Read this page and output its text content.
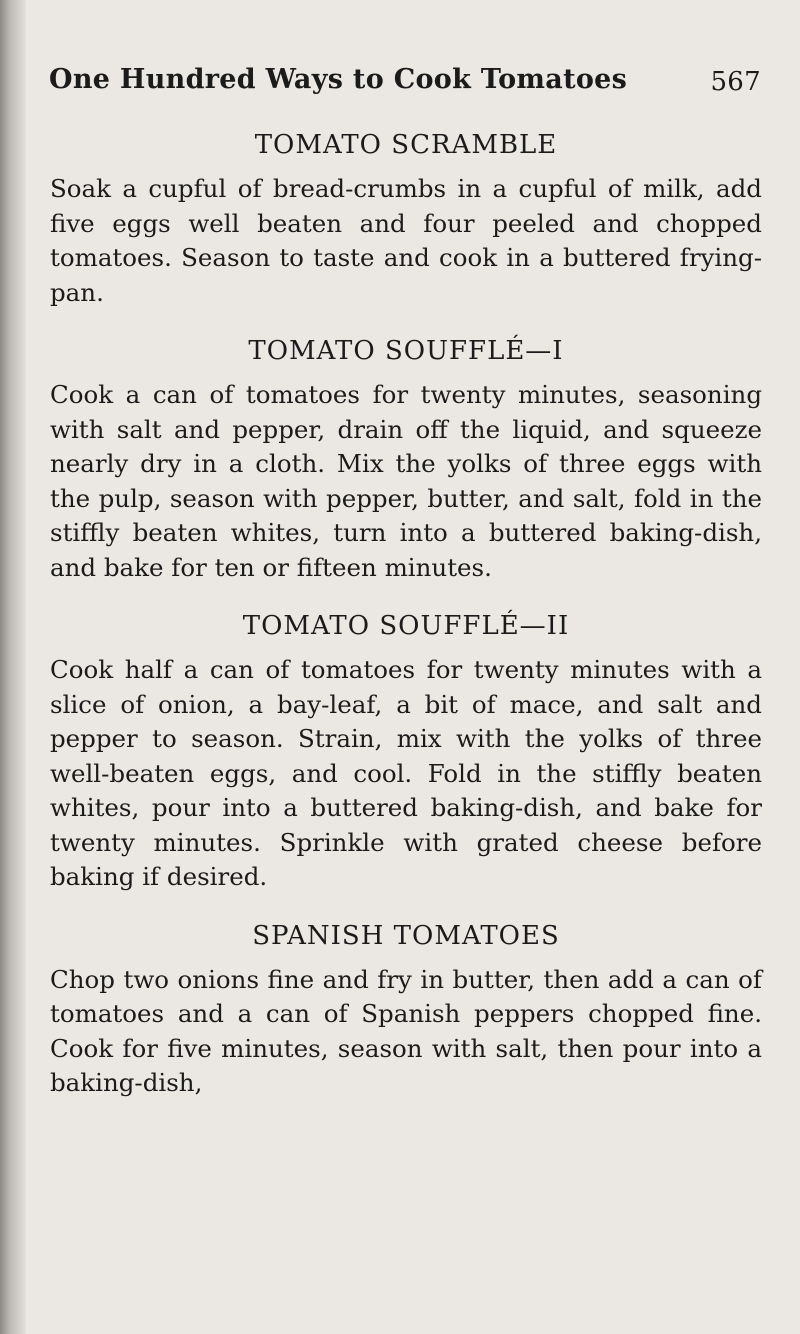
One Hundred Ways to Cook Tomatoes	567
TOMATO SCRAMBLE

Soak a cupful of bread-crumbs in a cupful of milk, add five eggs well beaten and four peeled and chopped tomatoes. Season to taste and cook in a buttered frying-pan.

TOMATO SOUFFLÉ—I

Cook a can of tomatoes for twenty minutes, seasoning with salt and pepper, drain off the liquid, and squeeze nearly dry in a cloth. Mix the yolks of three eggs with the pulp, season with pepper, butter, and salt, fold in the stiffly beaten whites, turn into a buttered baking-dish, and bake for ten or fifteen minutes.

TOMATO SOUFFLÉ—II

Cook half a can of tomatoes for twenty minutes with a slice of onion, a bay-leaf, a bit of mace, and salt and pepper to season. Strain, mix with the yolks of three well-beaten eggs, and cool. Fold in the stiffly beaten whites, pour into a buttered baking-dish, and bake for twenty minutes. Sprinkle with grated cheese before baking if desired.

SPANISH TOMATOES

Chop two onions fine and fry in butter, then add a can of tomatoes and a can of Spanish peppers chopped fine. Cook for five minutes, season with salt, then pour into a baking-dish,
